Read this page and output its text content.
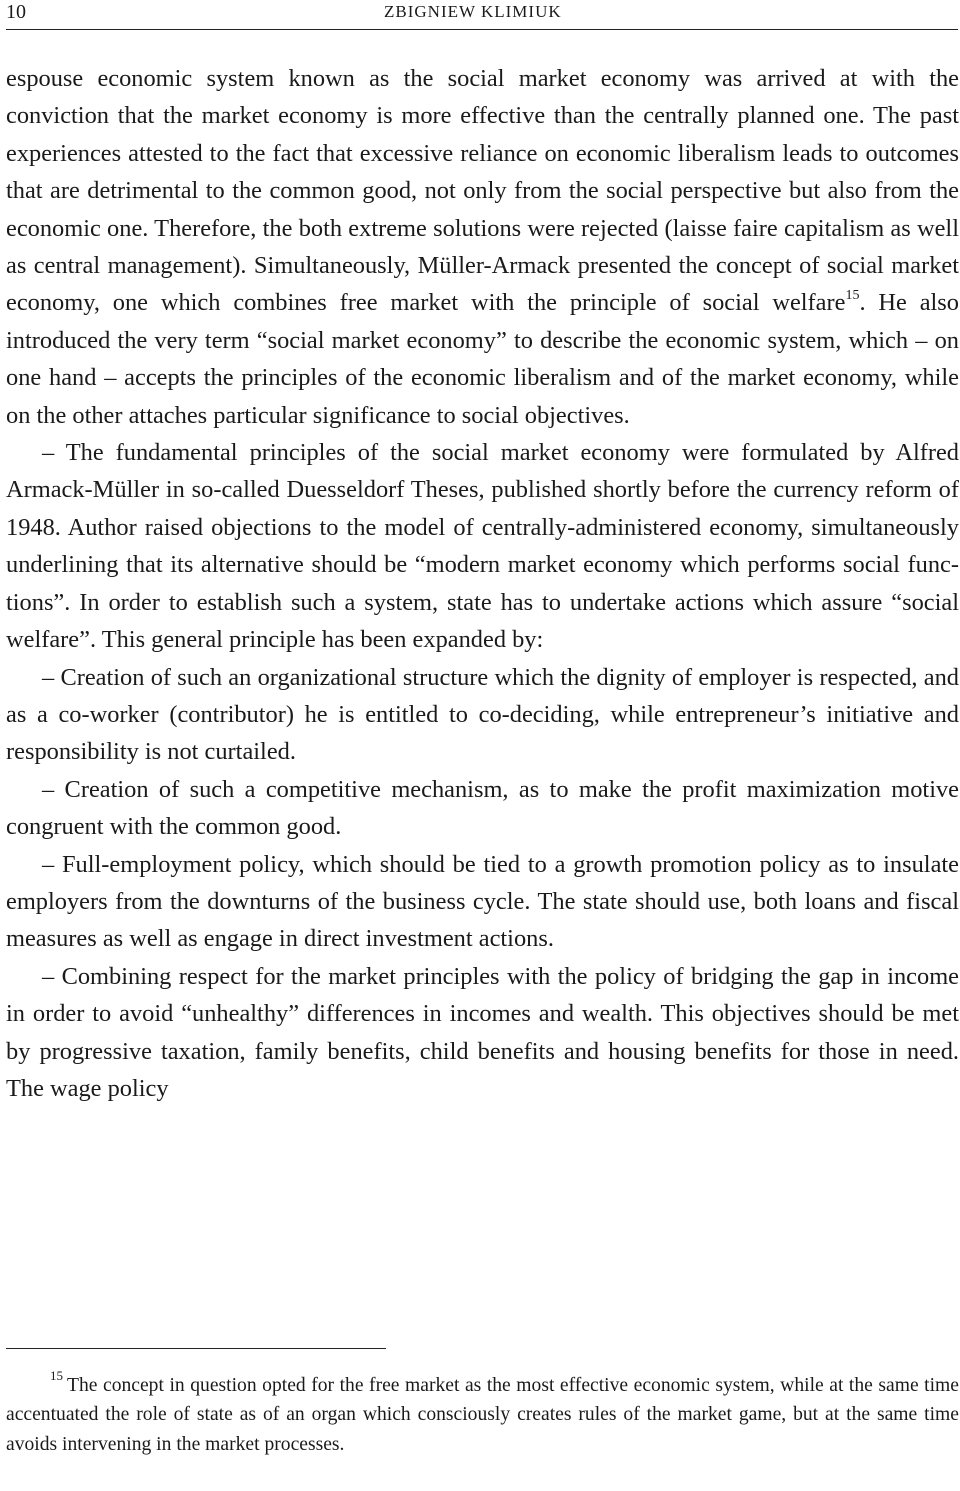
10	ZBIGNIEW KLIMIUK

espouse economic system known as the social market economy was arrived at with the conviction that the market economy is more effective than the centrally planned one. The past experiences attested to the fact that excessive reliance on economic liberalism leads to outcomes that are detrimental to the common good, not only from the social perspective but also from the economic one. Therefore, the both extreme solutions were rejected (laisse faire capitalism as well as central management). Simultaneously, Müller-Armack presented the concept of social market economy, one which combines free market with the principle of social welfare$^{15}$. He also introduced the very term “social market economy” to describe the economic system, which – on one hand – accepts the principles of the economic liberalism and of the market economy, while on the other attaches particular significance to social objectives.

– The fundamental principles of the social market economy were formulated by Alfred Armack-Müller in so-called Duesseldorf Theses, published shortly before the currency reform of 1948. Author raised objections to the model of centrally-administered economy, simultaneously underlining that its alternative should be “modern market economy which performs social functions”. In order to establish such a system, state has to undertake actions which assure “social welfare”. This general principle has been expanded by:

– Creation of such an organizational structure which the dignity of employer is respected, and as a co-worker (contributor) he is entitled to co-deciding, while entrepreneur’s initiative and responsibility is not curtailed.

– Creation of such a competitive mechanism, as to make the profit maximization motive congruent with the common good.

– Full-employment policy, which should be tied to a growth promotion policy as to insulate employers from the downturns of the business cycle. The state should use, both loans and fiscal measures as well as engage in direct investment actions.

– Combining respect for the market principles with the policy of bridging the gap in income in order to avoid “unhealthy” differences in incomes and wealth. This objectives should be met by progressive taxation, family benefits, child benefits and housing benefits for those in need. The wage policy

$^{15}$ The concept in question opted for the free market as the most effective economic system, while at the same time accentuated the role of state as of an organ which consciously creates rules of the market game, but at the same time avoids intervening in the market processes.
